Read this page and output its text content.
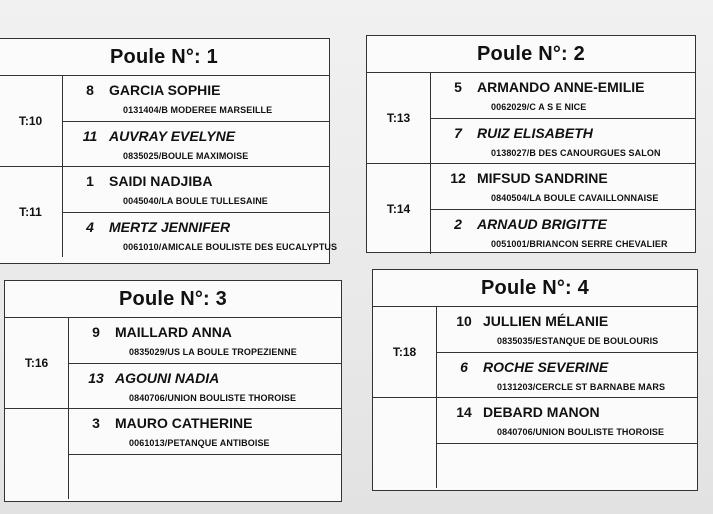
Poule N°: 1
T:10
8	GARCIA SOPHIE
0131404/B MODEREE MARSEILLE
11 AUVRAY EVELYNE
0835025/BOULE MAXIMOISE
T:11
1	SAIDI NADJIBA
0045040/LA BOULE TULLESAINE
4	MERTZ JENNIFER
0061010/AMICALE BOULISTE DES EUCALYPTUS
Poule N°: 2
T:13
5	ARMANDO ANNE-EMILIE
0062029/C A S E NICE
7	RUIZ ELISABETH
0138027/B DES CANOURGUES SALON
T:14
12 MIFSUD SANDRINE
0840504/LA BOULE CAVAILLONNAISE
2	ARNAUD BRIGITTE
0051001/BRIANCON SERRE CHEVALIER
Poule N°: 3
T:16
9	MAILLARD ANNA
0835029/US LA BOULE TROPEZIENNE
13 AGOUNI NADIA
0840706/UNION BOULISTE THOROISE
3	MAURO CATHERINE
0061013/PETANQUE ANTIBOISE
Poule N°: 4
T:18
10 JULLIEN MÉLANIE
0835035/ESTANQUE DE BOULOURIS
6	ROCHE SEVERINE
0131203/CERCLE ST BARNABE MARS
14 DEBARD MANON
0840706/UNION BOULISTE THOROISE
